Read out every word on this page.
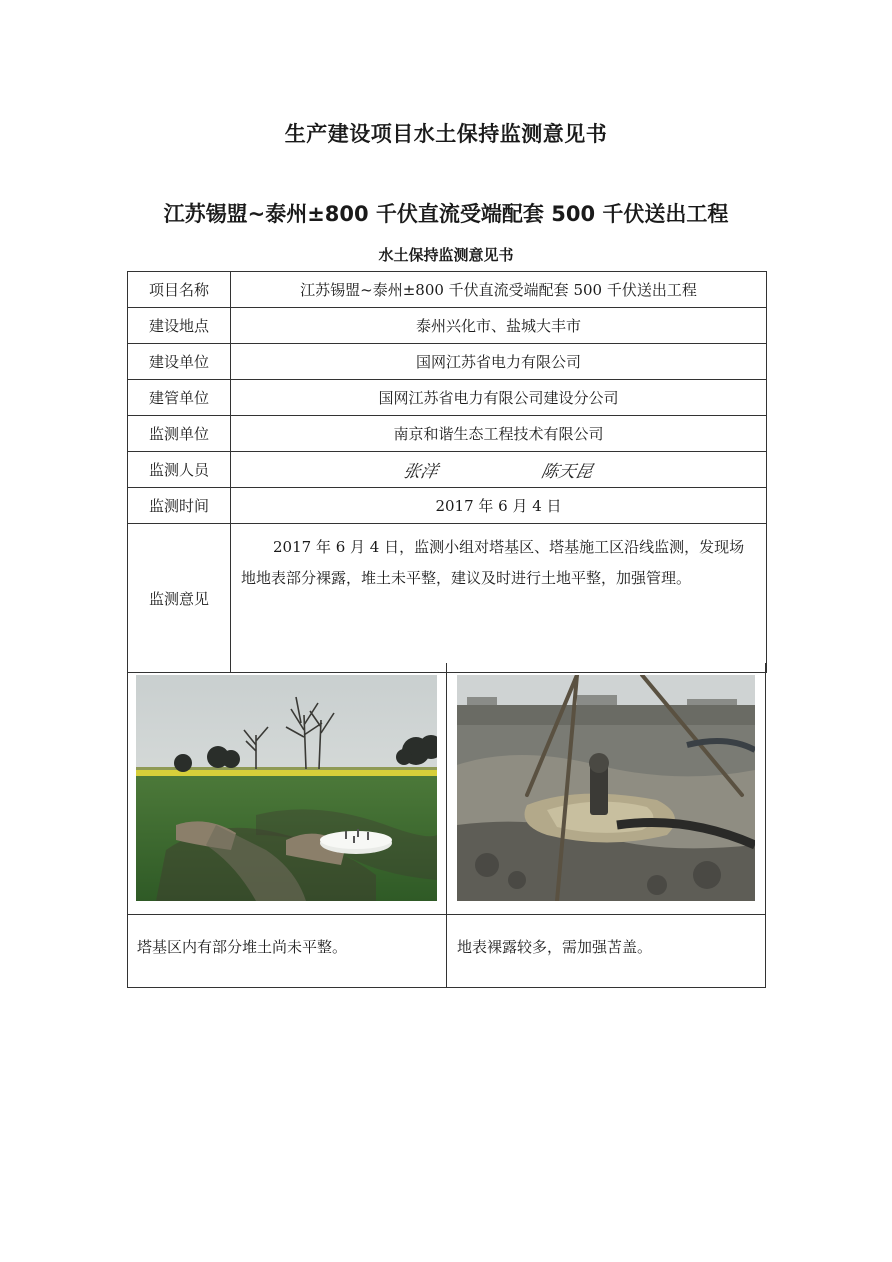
生产建设项目水土保持监测意见书
江苏锡盟~泰州±800 千伏直流受端配套 500 千伏送出工程
水土保持监测意见书
项目名称	江苏锡盟~泰州±800 千伏直流受端配套 500 千伏送出工程
建设地点	泰州兴化市、盐城大丰市
建设单位	国网江苏省电力有限公司
建管单位	国网江苏省电力有限公司建设分公司
监测单位	南京和谐生态工程技术有限公司
监测人员	张洋 陈天昆
监测时间	2017 年 6 月 4 日
监测意见	2017 年 6 月 4 日，监测小组对塔基区、塔基施工区沿线监测，发现场地地表部分裸露，堆土未平整，建议及时进行土地平整，加强管理。
塔基区内有部分堆土尚未平整。	地表裸露较多，需加强苫盖。
